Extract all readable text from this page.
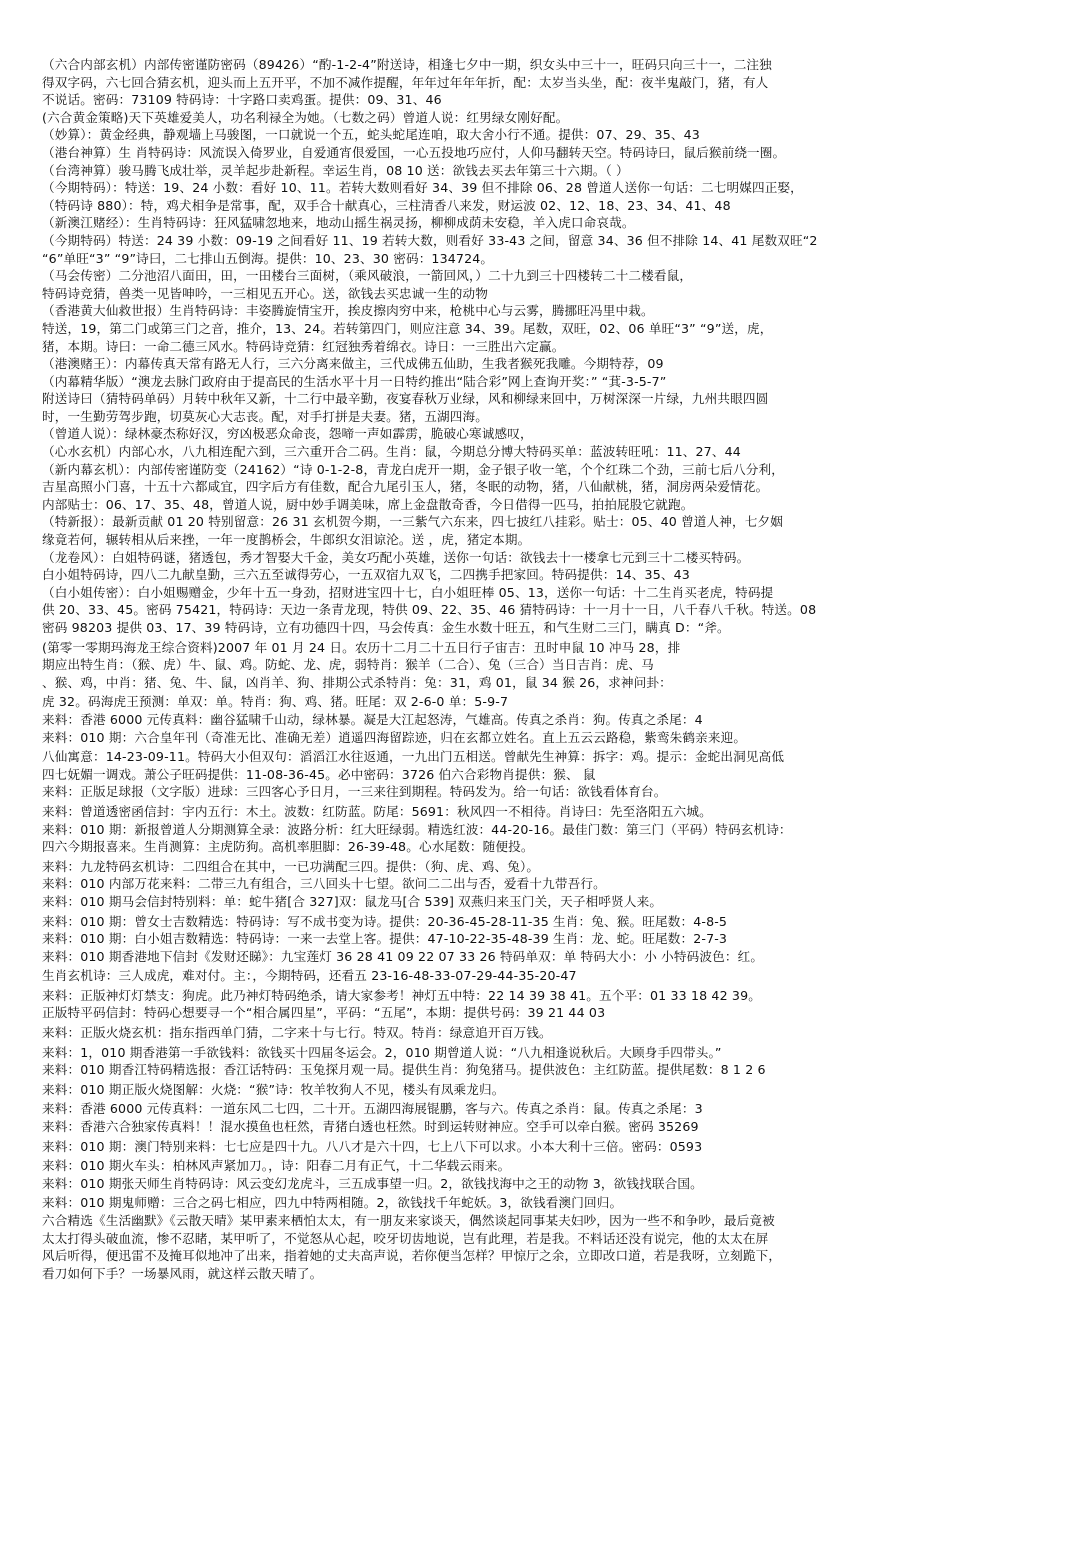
（六合内部玄机）内部传密谨防密码（89426）“酌-1-2-4”附送诗，相逢七夕中一期，织女头中三十一，旺码只向三十一，二注独
得双字码，六七回合猜玄机，迎头而上五开平，不加不减作提醒，年年过年年年折，配：太岁当头坐，配：夜半鬼敲门，猪，有人
不说话。密码：73109 特码诗：十字路口卖鸡蛋。提供：09、31、46
(六合黄金策略)天下英雄爱美人，功名利禄全为她。（七数之码）曾道人说：红男绿女刚好配。
（妙算）：黄金经典，静观墙上马骏图，一口就说一个五，蛇头蛇尾连咱，取大舍小行不通。提供：07、29、35、43
（港台神算）生 肖特码诗：风流误入倚罗业，自爱通宵佷爱国，一心五投地巧应付，人仰马翻转天空。特码诗曰，鼠后猴前绕一圈。
（台湾神算）骏马腾飞成壮举，灵羊起步赴新程。幸运生肖，08 10 送：欲钱去买去年第三十六期。（ ）
（今期特码）：特送：19、24 小数：看好 10、11。若转大数则看好 34、39 但不排除 06、28 曾道人送你一句话：二七明媒四正娶，
（特码诗 880）：特，鸡犬相争是常事，配，双手合十献真心，三柱清香八来发，财运波 02、12、18、23、34、41、48
（新澳江赌经）：生肖特码诗：狂风猛啸忽地来，地动山摇生祸灵扬，柳柳成荫未安稳，羊入虎口命哀哉。
（今期特码）特送：24 39 小数：09-19 之间看好 11、19 若转大数，则看好 33-43 之间，留意 34、36 但不排除 14、41 尾数双旺“2
“6”单旺“3” “9”诗曰，二七排山五倒海。提供：10、23、30 密码：134724。
（马会传密）二分池沼八面田，田，一田楼台三面树，（乘风破浪，一箭回风，）二十九到三十四楼转二十二楼看鼠，
特码诗竞猜，兽类一见皆呻吟，一三相见五开心。送，欲钱去买忠诚一生的动物
（香港黄大仙救世报）生肖特码诗：丰姿腾旋情宝开，挨皮擦肉穷中来，枪桃中心与云雾，腾挪旺冯里中栽。
特送，19，第二门或第三门之音，推介，13、24。若转第四门，则应注意 34、39。尾数，双旺，02、06 单旺“3” “9”送，虎，
猪，本期。诗曰：一命二德三风水。特码诗竞猜：红冠独秀着绵衣。诗日：一三胜出六定赢。
（港澳赌王）：内幕传真天常有路无人行，三六分离来做主，三代成佛五仙助，生我者猴死我雕。今期特荐，09
（内幕精华版）“澳龙去脉门政府由于提高民的生活水平十月一日特约推出“陆合彩”网上查询开奖：” “萁-3-5-7”
附送诗曰（猜特码单码）月转中秋年又新，十二行中最辛勤，夜宴春秋万业绿，风和柳绿来回中，万树深深一片绿，九州共眼四圆
时，一生勤劳驾步跑，切莫灰心大志丧。配，对手打拼是夫妻。猪，五湖四海。
（曾道人说）：绿林豪杰称好汉，穷凶极恶众命丧，怨啼一声如霹雳，脆破心寒诚感叹，
（心水玄机）内部心水，八九相连配六到，三六重开合二码。生肖：鼠，今期总分博大特码买单：蓝波转旺吼：11、27、44
（新内幕玄机）：内部传密谨防变（24162）“诗 0-1-2-8，青龙白虎开一期，金子银子收一笔，个个红珠二个劲，三前七后八分利，
吉星高照小门喜，十五十六都咸宜，四字后方有佳数，配合九尾引玉人，猪，冬眠的动物，猪，八仙献桃，猪，洞房两朵爱情花。
内部贴士：06、17、35、48，曾道人说，厨中妙手调美味，席上金盘散奇香，今日借得一匹马，拍拍屁股它就跑。
（特新报）：最新贡献 01 20 特别留意：26 31 玄机贺今期，一三紫气六东来，四七披红八挂彩。贴士：05、40 曾道人神，七夕姻
缘竟若何，辗转相从后来挫，一年一度鹊桥会，牛郎织女泪谅沦。送 ，虎，猪定本期。
（龙卷风）：白姐特码谜，猪透包，秀才智娶大千金，美女巧配小英雄，送你一句话：欲钱去十一楼拿七元到三十二楼买特码。
白小姐特码诗，四八二九献皇勤，三六五至诚得劳心，一五双宿九双飞，二四携手把家回。特码提供：14、35、43
（白小姐传密）：白小姐赐赠金，少年十五一身劲，招财进宝四十七，白小姐旺棒 05、13，送你一句话：十二生肖买老虎，特码提
供 20、33、45。密码 75421，特码诗：天边一条青龙现，特供 09、22、35、46 猜特码诗：十一月十一日，八千春八千秋。特送。08
密码 98203 提供 03、17、39 特码诗，立有功德四十四，马会传真：金生水数十旺五，和气生财二三门，瞒真 D：“斧。
(第零一零期玛海龙王综合资料)2007 年 01 月 24 日。农历十二月二十五日行子宙吉：丑时申鼠 10 冲马 28，排
期应出特生肖：（猴、虎）牛、鼠、鸡。防蛇、龙、虎，弱特肖：猴羊（二合）、兔（三合）当日吉肖：虎、马
、猴、鸡，中肖：猪、兔、牛、鼠，凶肖羊、狗、排期公式杀特肖：兔：31，鸡 01，鼠 34 猴 26，求神问卦：
虎 32。码海虎王预测：单双：单。特肖：狗、鸡、猪。旺尾：双 2-6-0 单：5-9-7
来料：香港 6000 元传真料：幽谷猛啸千山动，绿林暴。凝是大江起怒涛，气雄高。传真之杀肖：狗。传真之杀尾：4
来料：010 期：六合皇年刊（奇准无比、准确无差）逍遥四海留踪迹，归在玄都立姓名。直上五云云路稳，紫鸾朱鹤亲来迎。
八仙寓意：14-23-09-11。特码大小但双句：滔滔江水往返通，一九出门五相送。曾献先生神算：拆字：鸡。提示：金蛇出洞见高低
四七妩媚一调戏。萧公子旺码提供：11-08-36-45。必中密码：3726 伯六合彩物肖提供：猴、 鼠
来料：正版足球报（文字版）进球：三四客心予日月，一三来往到期程。特码发为。给一句话：欲钱看体育台。
来料：曾道透密函信封：宇内五行：木土。波数：红防蓝。防尾：5691：秋风四一不相待。肖诗曰：先至洛阳五六城。
来料：010 期：新报曾道人分期测算全录：波路分析：红大旺绿弱。精选红波：44-20-16。最佳门数：第三门（平码）特码玄机诗：
四六今期报喜来。生肖测算：主虎防狗。高机率胆脚：26-39-48。心水尾数：随便投。
来料：九龙特码玄机诗：二四组合在其中，一已功满配三四。提供：（狗、虎、鸡、兔）。
来料：010 内部万花来料：二带三九有组合，三八回头十七望。欲问二二出与否，爱看十九带吾行。
来料：010 期马会信封特别料：单：蛇牛猪[合 327]双：鼠龙马[合 539] 双燕归来玉门关，天子相呼贤人来。
来料：010 期：曾女士吉数精选：特码诗：写不成书变为诗。提供：20-36-45-28-11-35 生肖：兔、猴。旺尾数：4-8-5
来料：010 期：白小姐吉数精选：特码诗：一来一去堂上客。提供：47-10-22-35-48-39 生肖：龙、蛇。旺尾数：2-7-3
来料：010 期香港地下信封《发财还睇》：九宝莲灯 36 28 41 09 22 07 33 26 特码单双：单 特码大小：小 小特码波色：红。
生肖玄机诗：三人成虎，难对付。主：，今期特码，还看五 23-16-48-33-07-29-44-35-20-47
来料：正版神灯灯禁支：狗虎。此乃神灯特码绝杀，请大家参考！神灯五中特：22 14 39 38 41。五个平：01 33 18 42 39。
正版特平码信封：特码心想要寻一个“相合属四星”，平码：“五尾”，本期：提供号码：39 21 44 03
来料：正版火烧玄机：指东指西单门猜，二字来十与七行。特双。特肖：绿意追开百万钱。
来料：1，010 期香港第一手欲钱料：欲钱买十四届冬运会。2，010 期曾道人说：“八九相逢说秋后。大顾身手四带头。”
来料：010 期香江特码精选报：香江话特码：玉兔探月观一局。提供生肖：狗兔猪马。提供波色：主红防蓝。提供尾数：8 1 2 6
来料：010 期正版火烧图解：火烧：“猴”诗：牧羊牧狗人不见，楼头有凤乘龙归。
来料：香港 6000 元传真料：一道东风二七四，二十开。五湖四海展锟鹏，客与六。传真之杀肖：鼠。传真之杀尾：3
来料：香港六合独家传真料！！混水摸鱼也枉然，青猪白透也枉然。时到运转财神应。空手可以牵白猴。密码 35269
来料：010 期：澳门特别来料：七七应是四十九。八八才是六十四，七上八下可以求。小本大利十三倍。密码：0593
来料：010 期火车头：柏林风声紧加刀。，诗：阳春二月有正气，十二华载云雨来。
来料：010 期张天师生肖特码诗：风云变幻龙虎斗，三五成事望一归。2，欲钱找海中之王的动物 3，欲钱找联合国。
来料：010 期鬼师赠：三合之码七相应，四九中特两相随。2，欲钱找千年蛇妖。3，欲钱看澳门回归。
六合精选《生活幽默》《云散天晴》某甲素来栖怕太太，有一朋友来家谈天，偶然谈起同事某夫妇吵，因为一些不和争吵，最后竟被
太太打得头破血流，惨不忍睹，某甲听了，不觉怒从心起，咬牙切齿地说，岂有此理，若是我。不料话还没有说完，他的太太在屏
风后听得，便迅雷不及掩耳似地冲了出来，指着她的丈夫高声说，若你便当怎样？甲惊厅之余，立即改口道，若是我呀，立刻跪下，
看刀如何下手？一场暴风雨，就这样云散天晴了。
